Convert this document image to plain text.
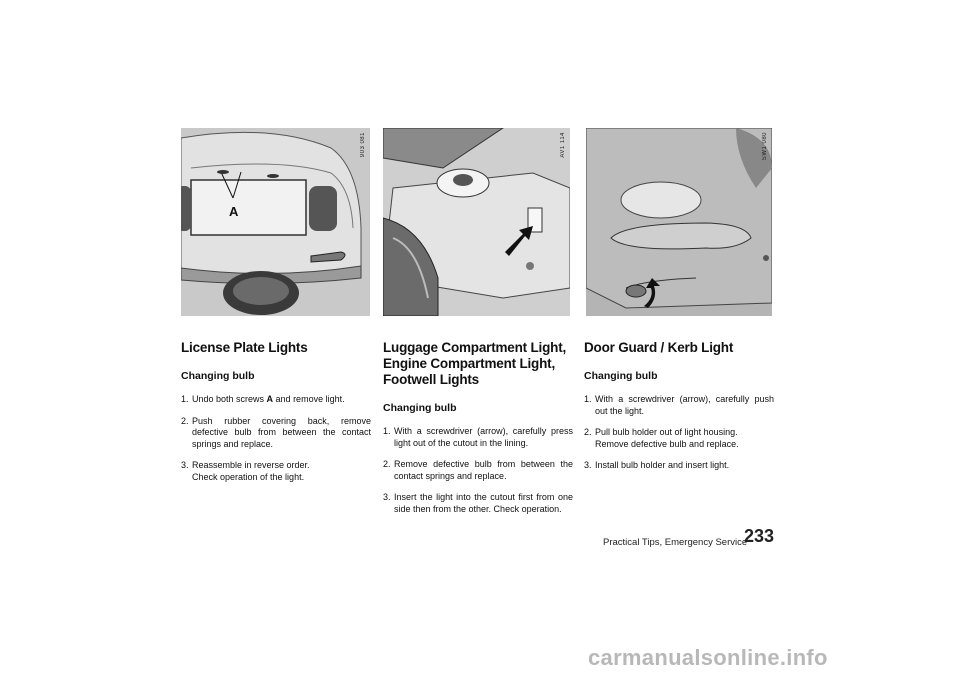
A
903 081	AV1 114	SW1 080
License Plate Lights
Changing bulb
1. Undo both screws A and remove light.
2. Push rubber covering back, remove defective bulb from between the contact springs and replace.
3. Reassemble in reverse order.
Check operation of the light.
Luggage Compartment Light, Engine Compartment Light, Footwell Lights
Changing bulb
1. With a screwdriver (arrow), carefully press light out of the cutout in the lining.
2. Remove defective bulb from between the contact springs and replace.
3. Insert the light into the cutout first from one side then from the other. Check operation.
Door Guard / Kerb Light
Changing bulb
1. With a screwdriver (arrow), carefully push out the light.
2. Pull bulb holder out of light housing.
Remove defective bulb and replace.
3. Install bulb holder and insert light.
Practical Tips, Emergency Service
233
carmanualsonline.info
